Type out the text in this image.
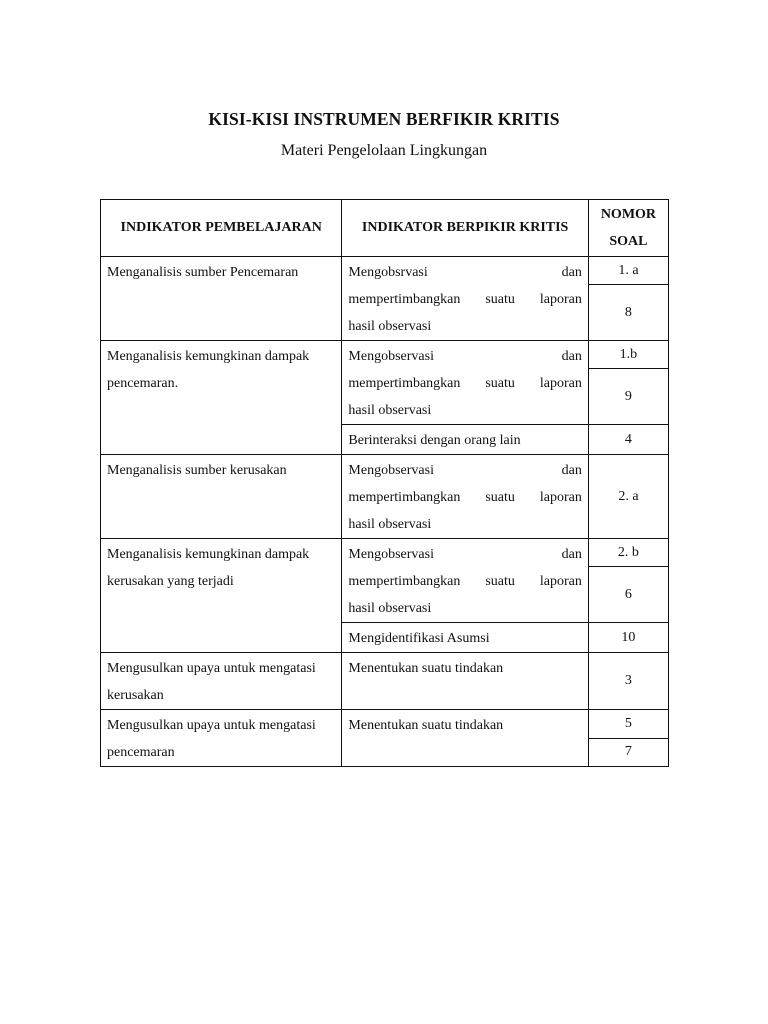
KISI-KISI INSTRUMEN BERFIKIR KRITIS
Materi Pengelolaan Lingkungan
INDIKATOR PEMBELAJARAN	INDIKATOR BERPIKIR KRITIS	NOMOR
SOAL

Menganalisis sumber Pencemaran	Mengobsrvasi dan
mempertimbangkan suatu laporan
hasil observasi	1. a
		8

Menganalisis kemungkinan dampak pencemaran.	Mengobservasi dan
mempertimbangkan suatu laporan
hasil observasi	1.b
		9

	Berinteraksi dengan orang lain	4

Menganalisis sumber kerusakan	Mengobservasi dan
mempertimbangkan suatu laporan
hasil observasi	2. a

Menganalisis kemungkinan dampak kerusakan yang terjadi	Mengobservasi dan
mempertimbangkan suatu laporan
hasil observasi	2. b
		6

	Mengidentifikasi Asumsi	10

Mengusulkan upaya untuk mengatasi kerusakan	Menentukan suatu tindakan	3

Mengusulkan upaya untuk mengatasi pencemaran	Menentukan suatu tindakan	5
		7
